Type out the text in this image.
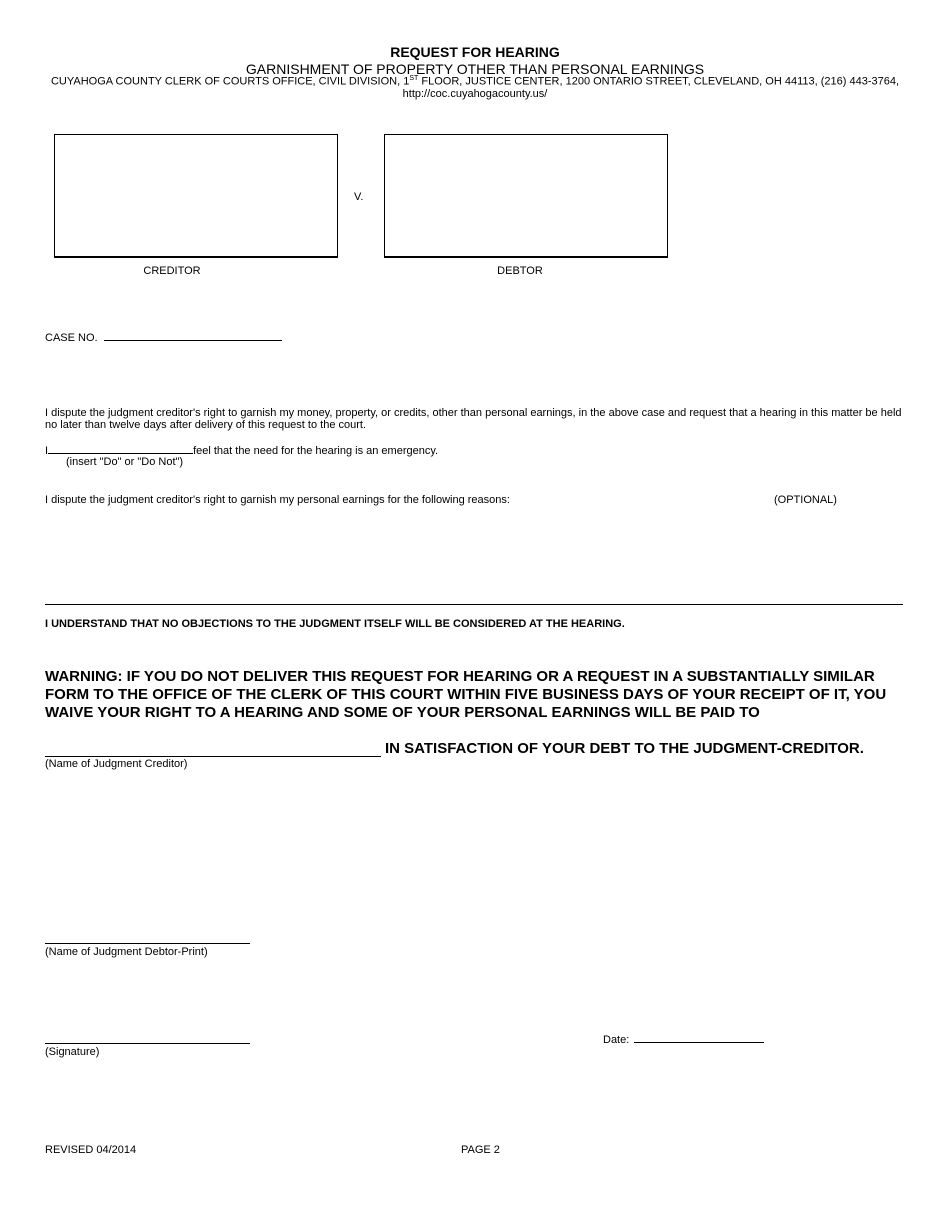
REQUEST FOR HEARING
GARNISHMENT OF PROPERTY OTHER THAN PERSONAL EARNINGS
CUYAHOGA COUNTY CLERK OF COURTS OFFICE, CIVIL DIVISION, 1ST FLOOR, JUSTICE CENTER, 1200 ONTARIO STREET, CLEVELAND, OH 44113, (216) 443-3764,
http://coc.cuyahogacounty.us/
V.
CREDITOR	DEBTOR
CASE NO.
I dispute the judgment creditor's right to garnish my money, property, or credits, other than personal earnings, in the above case and request that a hearing in this matter be held no later than twelve days after delivery of this request to the court.
I	feel that the need for the hearing is an emergency.
(insert "Do" or "Do Not")
I dispute the judgment creditor's right to garnish my personal earnings for the following reasons:	(OPTIONAL)
I UNDERSTAND THAT NO OBJECTIONS TO THE JUDGMENT ITSELF WILL BE CONSIDERED AT THE HEARING.
WARNING: IF YOU DO NOT DELIVER THIS REQUEST FOR HEARING OR A REQUEST IN A SUBSTANTIALLY SIMILAR FORM TO THE OFFICE OF THE CLERK OF THIS COURT WITHIN FIVE BUSINESS DAYS OF YOUR RECEIPT OF IT, YOU WAIVE YOUR RIGHT TO A HEARING AND SOME OF YOUR PERSONAL EARNINGS WILL BE PAID TO
IN SATISFACTION OF YOUR DEBT TO THE JUDGMENT-CREDITOR.
(Name of Judgment Creditor)
(Name of Judgment Debtor-Print)
(Signature)
Date:
REVISED 04/2014	PAGE 2
